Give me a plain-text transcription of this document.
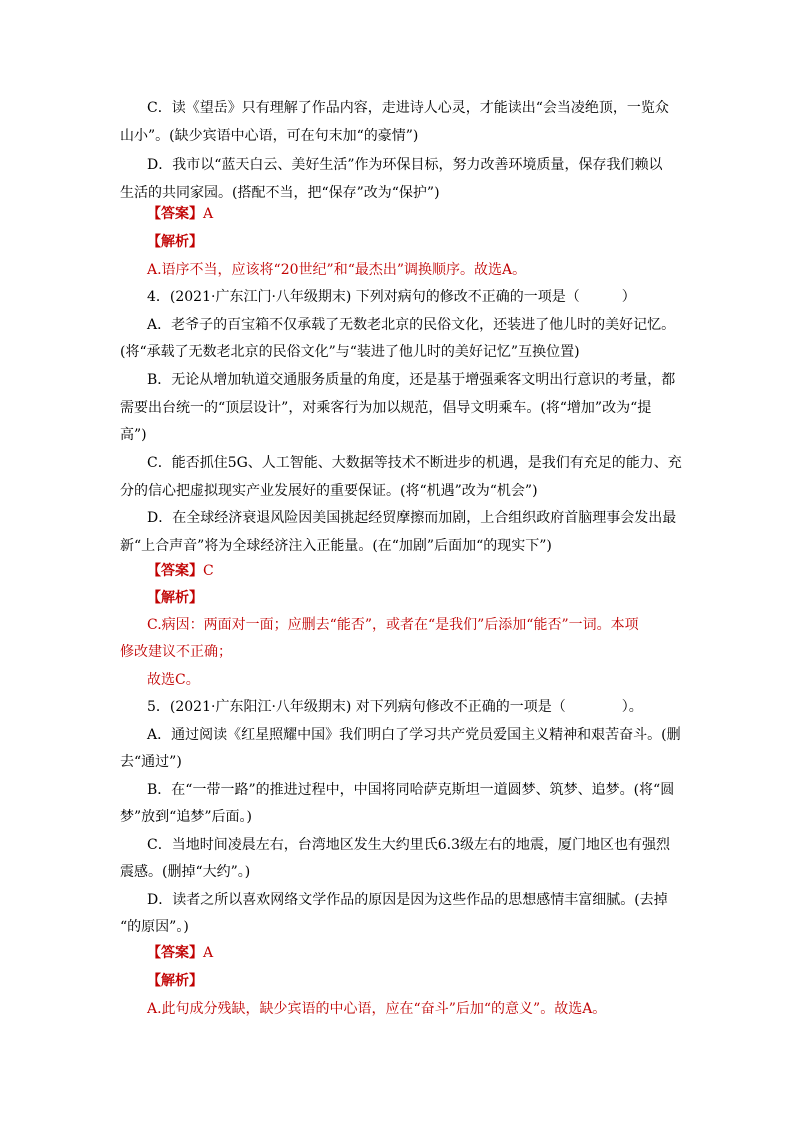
C．读《望岳》只有理解了作品内容，走进诗人心灵，才能读出“会当凌绝顶，一览众
山小”。(缺少宾语中心语，可在句末加“的豪情”)
D．我市以“蓝天白云、美好生活”作为环保目标，努力改善环境质量，保存我们赖以
生活的共同家园。(搭配不当，把“保存”改为“保护”)
【答案】A
【解析】
A.语序不当，应该将“20世纪”和“最杰出”调换顺序。故选A。
4．(2021·广东江门·八年级期末) 下列对病句的修改不正确的一项是（　　　）
A．老爷子的百宝箱不仅承载了无数老北京的民俗文化，还装进了他儿时的美好记忆。
(将“承载了无数老北京的民俗文化”与“装进了他儿时的美好记忆”互换位置)
B．无论从增加轨道交通服务质量的角度，还是基于增强乘客文明出行意识的考量，都
需要出台统一的“顶层设计”，对乘客行为加以规范，倡导文明乘车。(将“增加”改为“提
高”)
C．能否抓住5G、人工智能、大数据等技术不断进步的机遇，是我们有充足的能力、充
分的信心把虚拟现实产业发展好的重要保证。(将“机遇”改为“机会”)
D．在全球经济衰退风险因美国挑起经贸摩擦而加剧，上合组织政府首脑理事会发出最
新“上合声音”将为全球经济注入正能量。(在“加剧”后面加“的现实下”)
【答案】C
【解析】
C.病因：两面对一面；应删去“能否”，或者在“是我们”后添加“能否”一词。本项
修改建议不正确；
故选C。
5．(2021·广东阳江·八年级期末) 对下列病句修改不正确的一项是（　　　　）。
A．通过阅读《红星照耀中国》我们明白了学习共产党员爱国主义精神和艰苦奋斗。(删
去“通过”)
B．在“一带一路”的推进过程中，中国将同哈萨克斯坦一道圆梦、筑梦、追梦。(将“圆
梦”放到“追梦”后面。)
C．当地时间凌晨左右，台湾地区发生大约里氏6.3级左右的地震，厦门地区也有强烈
震感。(删掉“大约”。)
D．读者之所以喜欢网络文学作品的原因是因为这些作品的思想感情丰富细腻。(去掉
“的原因”。)
【答案】A
【解析】
A.此句成分残缺，缺少宾语的中心语，应在“奋斗”后加“的意义”。故选A。
